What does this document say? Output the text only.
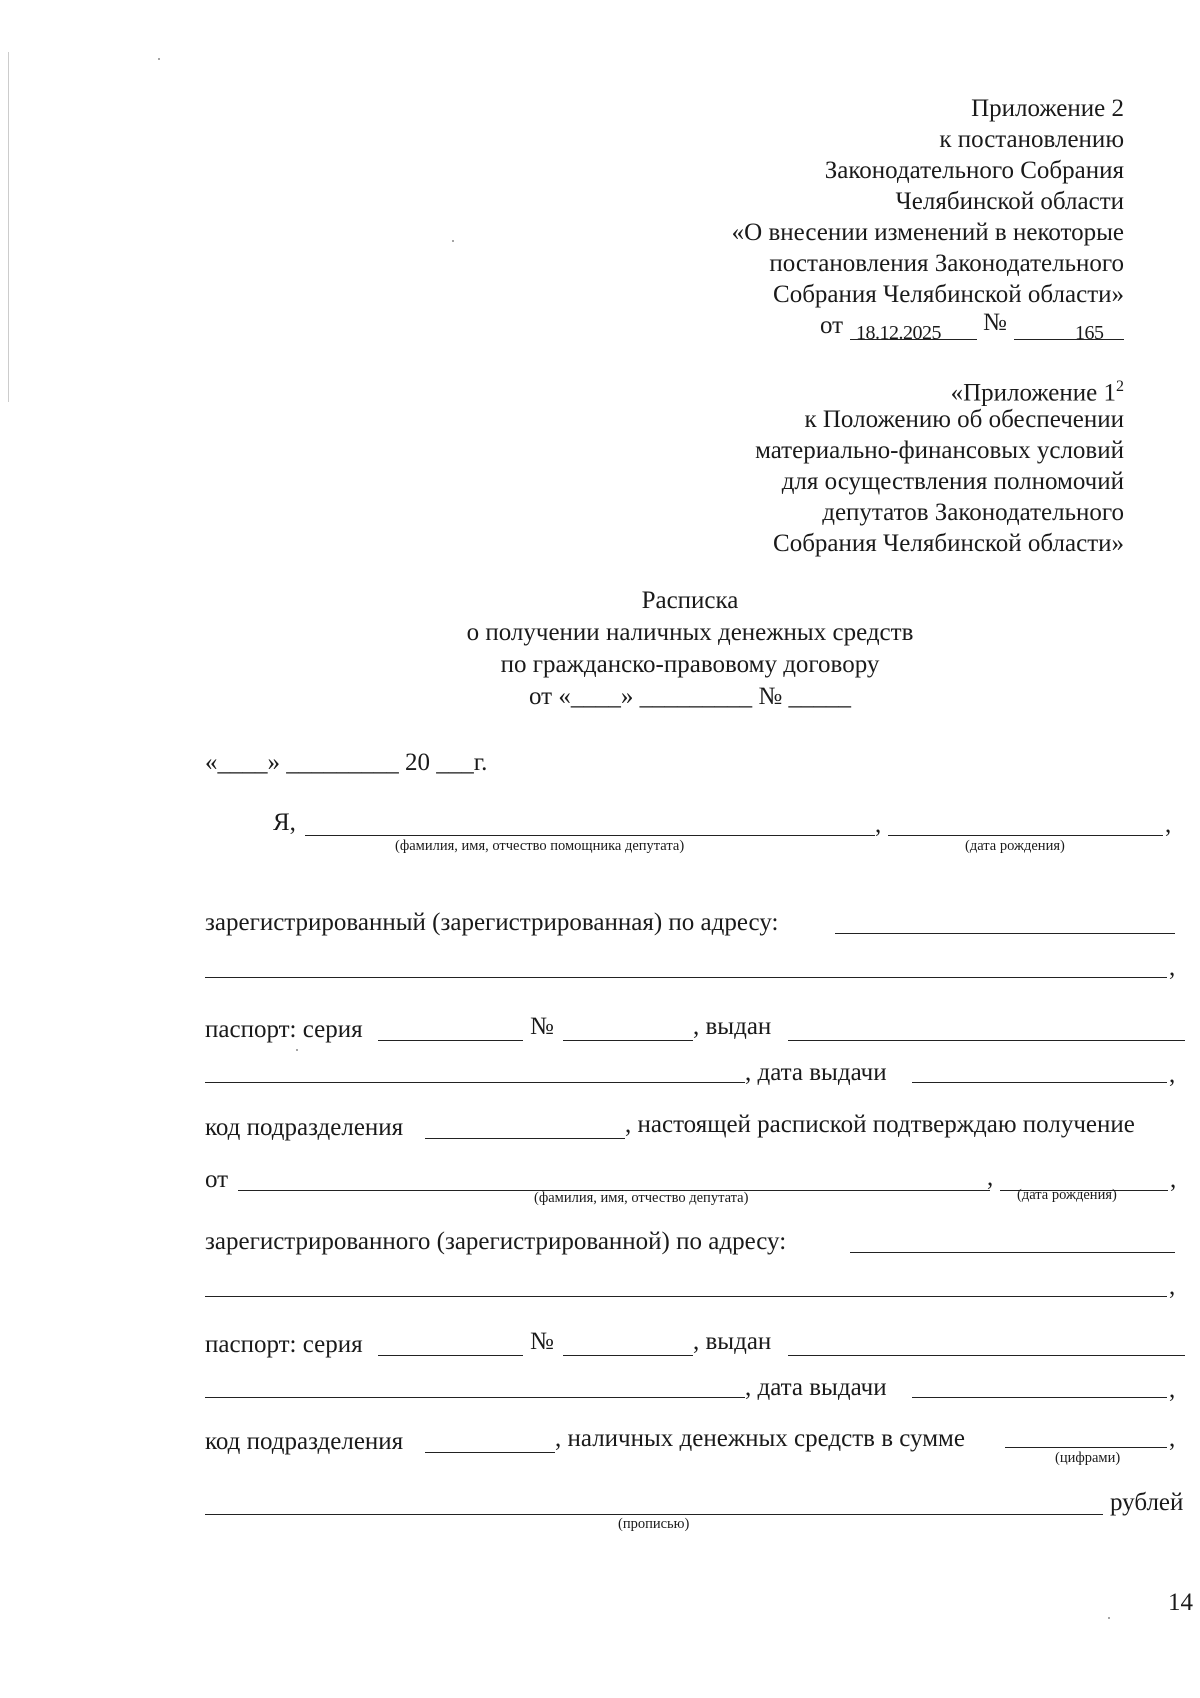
Приложение 2
к постановлению
Законодательного Собрания
Челябинской области
«О внесении изменений в некоторые
постановления Законодательного
Собрания Челябинской области»
от 18.12.2025 №	165
«Приложение $1^2$
к Положению об обеспечении
материально-финансовых условий
для осуществления полномочий
депутатов Законодательного
Собрания Челябинской области»
Расписка
о получении наличных денежных средств
по гражданско-правовому договору
от «____» _________ № _____
«____» _________ 20 ___г.
Я,	,	,
(фамилия, имя, отчество помощника депутата)	(дата рождения)
зарегистрированный (зарегистрированная) по адресу:
,
паспорт: серия	№	, выдан
, дата выдачи	,
код подразделения	, настоящей распиской подтверждаю получение
от	,	,
(фамилия, имя, отчество депутата)	(дата рождения)
зарегистрированного (зарегистрированной) по адресу:
,
паспорт: серия	№	, выдан
, дата выдачи	,
код подразделения	, наличных денежных средств в сумме	,
(цифрами)
рублей
(прописью)
14
